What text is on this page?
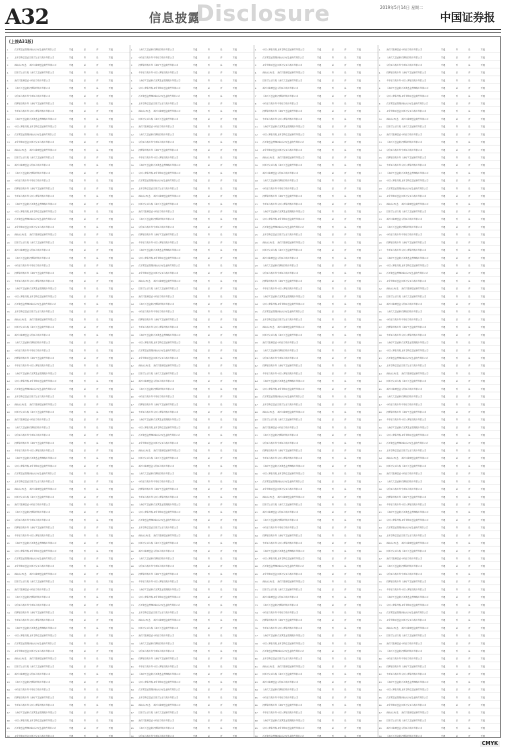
A32	信息披露
Disclosure	2019年5月14日 星期二
中国证券报
(上接A31版)
1	汇添富基金管理 蚂蚁(杭州)基金销售有限公司	开通	是	否	开通
2	北京肯特瑞基金 国泰君安证券股份有限公司	开通	否	是	开通
3	蚂蚁(杭州)基	浙江同花顺基金销售有限公司	开通	是	否	开通
4	国泰君安证券股 上海天天基金销售有限公司	开通	否	是	开通
5	浙江同花顺基金 中信证券股份有限公司	开通	是	否	开通
6	上海天天基金销 招商银行股份有限公司	开通	否	是	开通
7	中信证券股份有 华泰证券股份有限公司	开通	是	否	开通
8	招商银行股份有 上海好买基金销售有限公司	开通	否	是	开通
9	华泰证券股份有 中国工商银行股份有限公司	开通	是	否	开通
10	上海好买基金销 汇添富基金管理股份有限公司	开通	否	是	开通
11	中国工商银行股 北京肯特瑞基金销售有限公司	开通	是	否	开通
12	汇添富基金管理 蚂蚁(杭州)基金销售有限公司	开通	否	是	开通
13	北京肯特瑞基金 国泰君安证券股份有限公司	开通	是	否	开通
14	蚂蚁(杭州)基	浙江同花顺基金销售有限公司	开通	否	是	开通
15	国泰君安证券股 上海天天基金销售有限公司	开通	是	否	开通
16	浙江同花顺基金 中信证券股份有限公司	开通	否	是	开通
17	上海天天基金销 招商银行股份有限公司	开通	是	否	开通
18	中信证券股份有 华泰证券股份有限公司	开通	否	是	开通
19	招商银行股份有 上海好买基金销售有限公司	开通	是	否	开通
20	华泰证券股份有 中国工商银行股份有限公司	开通	否	是	开通
21	上海好买基金销 汇添富基金管理股份有限公司	开通	是	否	开通
22	中国工商银行股 北京肯特瑞基金销售有限公司	开通	否	是	开通
23	汇添富基金管理 蚂蚁(杭州)基金销售有限公司	开通	是	否	开通
24	北京肯特瑞基金 国泰君安证券股份有限公司	开通	否	是	开通
25	蚂蚁(杭州)基	浙江同花顺基金销售有限公司	开通	是	否	开通
26	国泰君安证券股 上海天天基金销售有限公司	开通	否	是	开通
27	浙江同花顺基金 中信证券股份有限公司	开通	是	否	开通
28	上海天天基金销 招商银行股份有限公司	开通	否	是	开通
29	中信证券股份有 华泰证券股份有限公司	开通	是	否	开通
30	招商银行股份有 上海好买基金销售有限公司	开通	否	是	开通
31	华泰证券股份有 中国工商银行股份有限公司	开通	是	否	开通
32	上海好买基金销 汇添富基金管理股份有限公司	开通	否	是	开通
33	中国工商银行股 北京肯特瑞基金销售有限公司	开通	是	否	开通
34	汇添富基金管理 蚂蚁(杭州)基金销售有限公司	开通	否	是	开通
35	北京肯特瑞基金 国泰君安证券股份有限公司	开通	是	否	开通
36	蚂蚁(杭州)基	浙江同花顺基金销售有限公司	开通	否	是	开通
37	国泰君安证券股 上海天天基金销售有限公司	开通	是	否	开通
38	浙江同花顺基金 中信证券股份有限公司	开通	否	是	开通
39	上海天天基金销 招商银行股份有限公司	开通	是	否	开通
40	中信证券股份有 华泰证券股份有限公司	开通	否	是	开通
41	招商银行股份有 上海好买基金销售有限公司	开通	是	否	开通
42	华泰证券股份有 中国工商银行股份有限公司	开通	否	是	开通
43	上海好买基金销 汇添富基金管理股份有限公司	开通	是	否	开通
44	中国工商银行股 北京肯特瑞基金销售有限公司	开通	否	是	开通
45	汇添富基金管理 蚂蚁(杭州)基金销售有限公司	开通	是	否	开通
46	北京肯特瑞基金 国泰君安证券股份有限公司	开通	否	是	开通
47	蚂蚁(杭州)基	浙江同花顺基金销售有限公司	开通	是	否	开通
48	国泰君安证券股 上海天天基金销售有限公司	开通	否	是	开通
49	浙江同花顺基金 中信证券股份有限公司	开通	是	否	开通
50	上海天天基金销 招商银行股份有限公司	开通	否	是	开通
51	中信证券股份有 华泰证券股份有限公司	开通	是	否	开通
52	招商银行股份有 上海好买基金销售有限公司	开通	否	是	开通
53	华泰证券股份有 中国工商银行股份有限公司	开通	是	否	开通
54	上海好买基金销 汇添富基金管理股份有限公司	开通	否	是	开通
55	中国工商银行股 北京肯特瑞基金销售有限公司	开通	是	否	开通
56	汇添富基金管理 蚂蚁(杭州)基金销售有限公司	开通	否	是	开通
57	北京肯特瑞基金 国泰君安证券股份有限公司	开通	是	否	开通
58	蚂蚁(杭州)基	浙江同花顺基金销售有限公司	开通	否	是	开通
59	国泰君安证券股 上海天天基金销售有限公司	开通	是	否	开通
60	浙江同花顺基金 中信证券股份有限公司	开通	否	是	开通
61	上海天天基金销 招商银行股份有限公司	开通	是	否	开通
62	中信证券股份有 华泰证券股份有限公司	开通	否	是	开通
63	招商银行股份有 上海好买基金销售有限公司	开通	是	否	开通
64	华泰证券股份有 中国工商银行股份有限公司	开通	否	是	开通
65	上海好买基金销 汇添富基金管理股份有限公司	开通	是	否	开通
66	中国工商银行股 北京肯特瑞基金销售有限公司	开通	否	是	开通
67	汇添富基金管理 蚂蚁(杭州)基金销售有限公司	开通	是	否	开通
68	北京肯特瑞基金 国泰君安证券股份有限公司	开通	否	是	开通
69	蚂蚁(杭州)基	浙江同花顺基金销售有限公司	开通	是	否	开通
70	国泰君安证券股 上海天天基金销售有限公司	开通	否	是	开通
71	浙江同花顺基金 中信证券股份有限公司	开通	是	否	开通
72	上海天天基金销 招商银行股份有限公司	开通	否	是	开通
73	中信证券股份有 华泰证券股份有限公司	开通	是	否	开通
74	招商银行股份有 上海好买基金销售有限公司	开通	否	是	开通
75	华泰证券股份有 中国工商银行股份有限公司	开通	是	否	开通
76	上海好买基金销 汇添富基金管理股份有限公司	开通	否	是	开通
77	中国工商银行股 北京肯特瑞基金销售有限公司	开通	是	否	开通
78	汇添富基金管理 蚂蚁(杭州)基金销售有限公司	开通	否	是	开通
79	北京肯特瑞基金 国泰君安证券股份有限公司	开通	是	否	开通
80	蚂蚁(杭州)基	浙江同花顺基金销售有限公司	开通	否	是	开通
81	国泰君安证券股 上海天天基金销售有限公司	开通	是	否	开通
82	浙江同花顺基金 中信证券股份有限公司	开通	否	是	开通
83	上海天天基金销 招商银行股份有限公司	开通	是	否	开通
84	中信证券股份有 华泰证券股份有限公司	开通	否	是	开通
85	招商银行股份有 上海好买基金销售有限公司	开通	是	否	开通
86	华泰证券股份有 中国工商银行股份有限公司	开通	否	是	开通
87	上海好买基金销 汇添富基金管理股份有限公司	开通	是	否	开通
88	中国工商银行股 北京肯特瑞基金销售有限公司	开通	否	是	开通
89	汇添富基金管理 蚂蚁(杭州)基金销售有限公司	开通	是	否	开通
90	北京肯特瑞基金 国泰君安证券股份有限公司	开通	否	是	开通
1	上海天天基金销 招商银行股份有限公司	开通	否	是	开通
2	中信证券股份有 华泰证券股份有限公司	开通	是	否	开通
3	招商银行股份有 上海好买基金销售有限公司	开通	否	是	开通
4	华泰证券股份有 中国工商银行股份有限公司	开通	是	否	开通
5	上海好买基金销 汇添富基金管理股份有限公司	开通	否	是	开通
6	中国工商银行股 北京肯特瑞基金销售有限公司	开通	是	否	开通
7	汇添富基金管理 蚂蚁(杭州)基金销售有限公司	开通	否	是	开通
8	北京肯特瑞基金 国泰君安证券股份有限公司	开通	是	否	开通
9	蚂蚁(杭州)基	浙江同花顺基金销售有限公司	开通	否	是	开通
10	国泰君安证券股 上海天天基金销售有限公司	开通	是	否	开通
11	浙江同花顺基金 中信证券股份有限公司	开通	否	是	开通
12	上海天天基金销 招商银行股份有限公司	开通	是	否	开通
13	中信证券股份有 华泰证券股份有限公司	开通	否	是	开通
14	招商银行股份有 上海好买基金销售有限公司	开通	是	否	开通
15	华泰证券股份有 中国工商银行股份有限公司	开通	否	是	开通
16	上海好买基金销 汇添富基金管理股份有限公司	开通	是	否	开通
17	中国工商银行股 北京肯特瑞基金销售有限公司	开通	否	是	开通
18	汇添富基金管理 蚂蚁(杭州)基金销售有限公司	开通	是	否	开通
19	北京肯特瑞基金 国泰君安证券股份有限公司	开通	否	是	开通
20	蚂蚁(杭州)基	浙江同花顺基金销售有限公司	开通	是	否	开通
21	国泰君安证券股 上海天天基金销售有限公司	开通	否	是	开通
22	浙江同花顺基金 中信证券股份有限公司	开通	是	否	开通
23	上海天天基金销 招商银行股份有限公司	开通	否	是	开通
24	中信证券股份有 华泰证券股份有限公司	开通	是	否	开通
25	招商银行股份有 上海好买基金销售有限公司	开通	否	是	开通
26	华泰证券股份有 中国工商银行股份有限公司	开通	是	否	开通
27	上海好买基金销 汇添富基金管理股份有限公司	开通	否	是	开通
28	中国工商银行股 北京肯特瑞基金销售有限公司	开通	是	否	开通
29	汇添富基金管理 蚂蚁(杭州)基金销售有限公司	开通	否	是	开通
30	北京肯特瑞基金 国泰君安证券股份有限公司	开通	是	否	开通
31	蚂蚁(杭州)基	浙江同花顺基金销售有限公司	开通	否	是	开通
32	国泰君安证券股 上海天天基金销售有限公司	开通	是	否	开通
33	浙江同花顺基金 中信证券股份有限公司	开通	否	是	开通
34	上海天天基金销 招商银行股份有限公司	开通	是	否	开通
35	中信证券股份有 华泰证券股份有限公司	开通	否	是	开通
36	招商银行股份有 上海好买基金销售有限公司	开通	是	否	开通
37	华泰证券股份有 中国工商银行股份有限公司	开通	否	是	开通
38	上海好买基金销 汇添富基金管理股份有限公司	开通	是	否	开通
39	中国工商银行股 北京肯特瑞基金销售有限公司	开通	否	是	开通
40	汇添富基金管理 蚂蚁(杭州)基金销售有限公司	开通	是	否	开通
41	北京肯特瑞基金 国泰君安证券股份有限公司	开通	否	是	开通
42	蚂蚁(杭州)基	浙江同花顺基金销售有限公司	开通	是	否	开通
43	国泰君安证券股 上海天天基金销售有限公司	开通	否	是	开通
44	浙江同花顺基金 中信证券股份有限公司	开通	是	否	开通
45	上海天天基金销 招商银行股份有限公司	开通	否	是	开通
46	中信证券股份有 华泰证券股份有限公司	开通	是	否	开通
47	招商银行股份有 上海好买基金销售有限公司	开通	否	是	开通
48	华泰证券股份有 中国工商银行股份有限公司	开通	是	否	开通
49	上海好买基金销 汇添富基金管理股份有限公司	开通	否	是	开通
50	中国工商银行股 北京肯特瑞基金销售有限公司	开通	是	否	开通
51	汇添富基金管理 蚂蚁(杭州)基金销售有限公司	开通	否	是	开通
52	北京肯特瑞基金 国泰君安证券股份有限公司	开通	是	否	开通
53	蚂蚁(杭州)基	浙江同花顺基金销售有限公司	开通	否	是	开通
54	国泰君安证券股 上海天天基金销售有限公司	开通	是	否	开通
55	浙江同花顺基金 中信证券股份有限公司	开通	否	是	开通
56	上海天天基金销 招商银行股份有限公司	开通	是	否	开通
57	中信证券股份有 华泰证券股份有限公司	开通	否	是	开通
58	招商银行股份有 上海好买基金销售有限公司	开通	是	否	开通
59	华泰证券股份有 中国工商银行股份有限公司	开通	否	是	开通
60	上海好买基金销 汇添富基金管理股份有限公司	开通	是	否	开通
61	中国工商银行股 北京肯特瑞基金销售有限公司	开通	否	是	开通
62	汇添富基金管理 蚂蚁(杭州)基金销售有限公司	开通	是	否	开通
63	北京肯特瑞基金 国泰君安证券股份有限公司	开通	否	是	开通
64	蚂蚁(杭州)基	浙江同花顺基金销售有限公司	开通	是	否	开通
65	国泰君安证券股 上海天天基金销售有限公司	开通	否	是	开通
66	浙江同花顺基金 中信证券股份有限公司	开通	是	否	开通
67	上海天天基金销 招商银行股份有限公司	开通	否	是	开通
68	中信证券股份有 华泰证券股份有限公司	开通	是	否	开通
69	招商银行股份有 上海好买基金销售有限公司	开通	否	是	开通
70	华泰证券股份有 中国工商银行股份有限公司	开通	是	否	开通
71	上海好买基金销 汇添富基金管理股份有限公司	开通	否	是	开通
72	中国工商银行股 北京肯特瑞基金销售有限公司	开通	是	否	开通
73	汇添富基金管理 蚂蚁(杭州)基金销售有限公司	开通	否	是	开通
74	北京肯特瑞基金 国泰君安证券股份有限公司	开通	是	否	开通
75	蚂蚁(杭州)基	浙江同花顺基金销售有限公司	开通	否	是	开通
76	国泰君安证券股 上海天天基金销售有限公司	开通	是	否	开通
77	浙江同花顺基金 中信证券股份有限公司	开通	否	是	开通
78	上海天天基金销 招商银行股份有限公司	开通	是	否	开通
79	中信证券股份有 华泰证券股份有限公司	开通	否	是	开通
80	招商银行股份有 上海好买基金销售有限公司	开通	是	否	开通
81	华泰证券股份有 中国工商银行股份有限公司	开通	否	是	开通
82	上海好买基金销 汇添富基金管理股份有限公司	开通	是	否	开通
83	中国工商银行股 北京肯特瑞基金销售有限公司	开通	否	是	开通
84	汇添富基金管理 蚂蚁(杭州)基金销售有限公司	开通	是	否	开通
85	北京肯特瑞基金 国泰君安证券股份有限公司	开通	否	是	开通
86	蚂蚁(杭州)基	浙江同花顺基金销售有限公司	开通	是	否	开通
87	国泰君安证券股 上海天天基金销售有限公司	开通	否	是	开通
88	浙江同花顺基金 中信证券股份有限公司	开通	是	否	开通
89	上海天天基金销 招商银行股份有限公司	开通	否	是	开通
90	中信证券股份有 华泰证券股份有限公司	开通	是	否	开通
1	中国工商银行股 北京肯特瑞基金销售有限公司	开通	是	否	开通
2	汇添富基金管理 蚂蚁(杭州)基金销售有限公司	开通	否	是	开通
3	北京肯特瑞基金 国泰君安证券股份有限公司	开通	是	否	开通
4	蚂蚁(杭州)基	浙江同花顺基金销售有限公司	开通	否	是	开通
5	国泰君安证券股 上海天天基金销售有限公司	开通	是	否	开通
6	浙江同花顺基金 中信证券股份有限公司	开通	否	是	开通
7	上海天天基金销 招商银行股份有限公司	开通	是	否	开通
8	中信证券股份有 华泰证券股份有限公司	开通	否	是	开通
9	招商银行股份有 上海好买基金销售有限公司	开通	是	否	开通
10	华泰证券股份有 中国工商银行股份有限公司	开通	否	是	开通
11	上海好买基金销 汇添富基金管理股份有限公司	开通	是	否	开通
12	中国工商银行股 北京肯特瑞基金销售有限公司	开通	否	是	开通
13	汇添富基金管理 蚂蚁(杭州)基金销售有限公司	开通	是	否	开通
14	北京肯特瑞基金 国泰君安证券股份有限公司	开通	否	是	开通
15	蚂蚁(杭州)基	浙江同花顺基金销售有限公司	开通	是	否	开通
16	国泰君安证券股 上海天天基金销售有限公司	开通	否	是	开通
17	浙江同花顺基金 中信证券股份有限公司	开通	是	否	开通
18	上海天天基金销 招商银行股份有限公司	开通	否	是	开通
19	中信证券股份有 华泰证券股份有限公司	开通	是	否	开通
20	招商银行股份有 上海好买基金销售有限公司	开通	否	是	开通
21	华泰证券股份有 中国工商银行股份有限公司	开通	是	否	开通
22	上海好买基金销 汇添富基金管理股份有限公司	开通	否	是	开通
23	中国工商银行股 北京肯特瑞基金销售有限公司	开通	是	否	开通
24	汇添富基金管理 蚂蚁(杭州)基金销售有限公司	开通	否	是	开通
25	北京肯特瑞基金 国泰君安证券股份有限公司	开通	是	否	开通
26	蚂蚁(杭州)基	浙江同花顺基金销售有限公司	开通	否	是	开通
27	国泰君安证券股 上海天天基金销售有限公司	开通	是	否	开通
28	浙江同花顺基金 中信证券股份有限公司	开通	否	是	开通
29	上海天天基金销 招商银行股份有限公司	开通	是	否	开通
30	中信证券股份有 华泰证券股份有限公司	开通	否	是	开通
31	招商银行股份有 上海好买基金销售有限公司	开通	是	否	开通
32	华泰证券股份有 中国工商银行股份有限公司	开通	否	是	开通
33	上海好买基金销 汇添富基金管理股份有限公司	开通	是	否	开通
34	中国工商银行股 北京肯特瑞基金销售有限公司	开通	否	是	开通
35	汇添富基金管理 蚂蚁(杭州)基金销售有限公司	开通	是	否	开通
36	北京肯特瑞基金 国泰君安证券股份有限公司	开通	否	是	开通
37	蚂蚁(杭州)基	浙江同花顺基金销售有限公司	开通	是	否	开通
38	国泰君安证券股 上海天天基金销售有限公司	开通	否	是	开通
39	浙江同花顺基金 中信证券股份有限公司	开通	是	否	开通
40	上海天天基金销 招商银行股份有限公司	开通	否	是	开通
41	中信证券股份有 华泰证券股份有限公司	开通	是	否	开通
42	招商银行股份有 上海好买基金销售有限公司	开通	否	是	开通
43	华泰证券股份有 中国工商银行股份有限公司	开通	是	否	开通
44	上海好买基金销 汇添富基金管理股份有限公司	开通	否	是	开通
45	中国工商银行股 北京肯特瑞基金销售有限公司	开通	是	否	开通
46	汇添富基金管理 蚂蚁(杭州)基金销售有限公司	开通	否	是	开通
47	北京肯特瑞基金 国泰君安证券股份有限公司	开通	是	否	开通
48	蚂蚁(杭州)基	浙江同花顺基金销售有限公司	开通	否	是	开通
49	国泰君安证券股 上海天天基金销售有限公司	开通	是	否	开通
50	浙江同花顺基金 中信证券股份有限公司	开通	否	是	开通
51	上海天天基金销 招商银行股份有限公司	开通	是	否	开通
52	中信证券股份有 华泰证券股份有限公司	开通	否	是	开通
53	招商银行股份有 上海好买基金销售有限公司	开通	是	否	开通
54	华泰证券股份有 中国工商银行股份有限公司	开通	否	是	开通
55	上海好买基金销 汇添富基金管理股份有限公司	开通	是	否	开通
56	中国工商银行股 北京肯特瑞基金销售有限公司	开通	否	是	开通
57	汇添富基金管理 蚂蚁(杭州)基金销售有限公司	开通	是	否	开通
58	北京肯特瑞基金 国泰君安证券股份有限公司	开通	否	是	开通
59	蚂蚁(杭州)基	浙江同花顺基金销售有限公司	开通	是	否	开通
60	国泰君安证券股 上海天天基金销售有限公司	开通	否	是	开通
61	浙江同花顺基金 中信证券股份有限公司	开通	是	否	开通
62	上海天天基金销 招商银行股份有限公司	开通	否	是	开通
63	中信证券股份有 华泰证券股份有限公司	开通	是	否	开通
64	招商银行股份有 上海好买基金销售有限公司	开通	否	是	开通
65	华泰证券股份有 中国工商银行股份有限公司	开通	是	否	开通
66	上海好买基金销 汇添富基金管理股份有限公司	开通	否	是	开通
67	中国工商银行股 北京肯特瑞基金销售有限公司	开通	是	否	开通
68	汇添富基金管理 蚂蚁(杭州)基金销售有限公司	开通	否	是	开通
69	北京肯特瑞基金 国泰君安证券股份有限公司	开通	是	否	开通
70	蚂蚁(杭州)基	浙江同花顺基金销售有限公司	开通	否	是	开通
71	国泰君安证券股 上海天天基金销售有限公司	开通	是	否	开通
72	浙江同花顺基金 中信证券股份有限公司	开通	否	是	开通
73	上海天天基金销 招商银行股份有限公司	开通	是	否	开通
74	中信证券股份有 华泰证券股份有限公司	开通	否	是	开通
75	招商银行股份有 上海好买基金销售有限公司	开通	是	否	开通
76	华泰证券股份有 中国工商银行股份有限公司	开通	否	是	开通
77	上海好买基金销 汇添富基金管理股份有限公司	开通	是	否	开通
78	中国工商银行股 北京肯特瑞基金销售有限公司	开通	否	是	开通
79	汇添富基金管理 蚂蚁(杭州)基金销售有限公司	开通	是	否	开通
80	北京肯特瑞基金 国泰君安证券股份有限公司	开通	否	是	开通
81	蚂蚁(杭州)基	浙江同花顺基金销售有限公司	开通	是	否	开通
82	国泰君安证券股 上海天天基金销售有限公司	开通	否	是	开通
83	浙江同花顺基金 中信证券股份有限公司	开通	是	否	开通
84	上海天天基金销 招商银行股份有限公司	开通	否	是	开通
85	中信证券股份有 华泰证券股份有限公司	开通	是	否	开通
86	招商银行股份有 上海好买基金销售有限公司	开通	否	是	开通
87	华泰证券股份有 中国工商银行股份有限公司	开通	是	否	开通
88	上海好买基金销 汇添富基金管理股份有限公司	开通	否	是	开通
89	中国工商银行股 北京肯特瑞基金销售有限公司	开通	是	否	开通
90	汇添富基金管理 蚂蚁(杭州)基金销售有限公司	开通	否	是	开通
1	浙江同花顺基金 中信证券股份有限公司	开通	否	是	开通
2	上海天天基金销 招商银行股份有限公司	开通	是	否	开通
3	中信证券股份有 华泰证券股份有限公司	开通	否	是	开通
4	招商银行股份有 上海好买基金销售有限公司	开通	是	否	开通
5	华泰证券股份有 中国工商银行股份有限公司	开通	否	是	开通
6	上海好买基金销 汇添富基金管理股份有限公司	开通	是	否	开通
7	中国工商银行股 北京肯特瑞基金销售有限公司	开通	否	是	开通
8	汇添富基金管理 蚂蚁(杭州)基金销售有限公司	开通	是	否	开通
9	北京肯特瑞基金 国泰君安证券股份有限公司	开通	否	是	开通
10	蚂蚁(杭州)基	浙江同花顺基金销售有限公司	开通	是	否	开通
11	国泰君安证券股 上海天天基金销售有限公司	开通	否	是	开通
12	浙江同花顺基金 中信证券股份有限公司	开通	是	否	开通
13	上海天天基金销 招商银行股份有限公司	开通	否	是	开通
14	中信证券股份有 华泰证券股份有限公司	开通	是	否	开通
15	招商银行股份有 上海好买基金销售有限公司	开通	否	是	开通
16	华泰证券股份有 中国工商银行股份有限公司	开通	是	否	开通
17	上海好买基金销 汇添富基金管理股份有限公司	开通	否	是	开通
18	中国工商银行股 北京肯特瑞基金销售有限公司	开通	是	否	开通
19	汇添富基金管理 蚂蚁(杭州)基金销售有限公司	开通	否	是	开通
20	北京肯特瑞基金 国泰君安证券股份有限公司	开通	是	否	开通
21	蚂蚁(杭州)基	浙江同花顺基金销售有限公司	开通	否	是	开通
22	国泰君安证券股 上海天天基金销售有限公司	开通	是	否	开通
23	浙江同花顺基金 中信证券股份有限公司	开通	否	是	开通
24	上海天天基金销 招商银行股份有限公司	开通	是	否	开通
25	中信证券股份有 华泰证券股份有限公司	开通	否	是	开通
26	招商银行股份有 上海好买基金销售有限公司	开通	是	否	开通
27	华泰证券股份有 中国工商银行股份有限公司	开通	否	是	开通
28	上海好买基金销 汇添富基金管理股份有限公司	开通	是	否	开通
29	中国工商银行股 北京肯特瑞基金销售有限公司	开通	否	是	开通
30	汇添富基金管理 蚂蚁(杭州)基金销售有限公司	开通	是	否	开通
31	北京肯特瑞基金 国泰君安证券股份有限公司	开通	否	是	开通
32	蚂蚁(杭州)基	浙江同花顺基金销售有限公司	开通	是	否	开通
33	国泰君安证券股 上海天天基金销售有限公司	开通	否	是	开通
34	浙江同花顺基金 中信证券股份有限公司	开通	是	否	开通
35	上海天天基金销 招商银行股份有限公司	开通	否	是	开通
36	中信证券股份有 华泰证券股份有限公司	开通	是	否	开通
37	招商银行股份有 上海好买基金销售有限公司	开通	否	是	开通
38	华泰证券股份有 中国工商银行股份有限公司	开通	是	否	开通
39	上海好买基金销 汇添富基金管理股份有限公司	开通	否	是	开通
40	中国工商银行股 北京肯特瑞基金销售有限公司	开通	是	否	开通
41	汇添富基金管理 蚂蚁(杭州)基金销售有限公司	开通	否	是	开通
42	北京肯特瑞基金 国泰君安证券股份有限公司	开通	是	否	开通
43	蚂蚁(杭州)基	浙江同花顺基金销售有限公司	开通	否	是	开通
44	国泰君安证券股 上海天天基金销售有限公司	开通	是	否	开通
45	浙江同花顺基金 中信证券股份有限公司	开通	否	是	开通
46	上海天天基金销 招商银行股份有限公司	开通	是	否	开通
47	中信证券股份有 华泰证券股份有限公司	开通	否	是	开通
48	招商银行股份有 上海好买基金销售有限公司	开通	是	否	开通
49	华泰证券股份有 中国工商银行股份有限公司	开通	否	是	开通
50	上海好买基金销 汇添富基金管理股份有限公司	开通	是	否	开通
51	中国工商银行股 北京肯特瑞基金销售有限公司	开通	否	是	开通
52	汇添富基金管理 蚂蚁(杭州)基金销售有限公司	开通	是	否	开通
53	北京肯特瑞基金 国泰君安证券股份有限公司	开通	否	是	开通
54	蚂蚁(杭州)基	浙江同花顺基金销售有限公司	开通	是	否	开通
55	国泰君安证券股 上海天天基金销售有限公司	开通	否	是	开通
56	浙江同花顺基金 中信证券股份有限公司	开通	是	否	开通
57	上海天天基金销 招商银行股份有限公司	开通	否	是	开通
58	中信证券股份有 华泰证券股份有限公司	开通	是	否	开通
59	招商银行股份有 上海好买基金销售有限公司	开通	否	是	开通
60	华泰证券股份有 中国工商银行股份有限公司	开通	是	否	开通
61	上海好买基金销 汇添富基金管理股份有限公司	开通	否	是	开通
62	中国工商银行股 北京肯特瑞基金销售有限公司	开通	是	否	开通
63	汇添富基金管理 蚂蚁(杭州)基金销售有限公司	开通	否	是	开通
64	北京肯特瑞基金 国泰君安证券股份有限公司	开通	是	否	开通
65	蚂蚁(杭州)基	浙江同花顺基金销售有限公司	开通	否	是	开通
66	国泰君安证券股 上海天天基金销售有限公司	开通	是	否	开通
67	浙江同花顺基金 中信证券股份有限公司	开通	否	是	开通
68	上海天天基金销 招商银行股份有限公司	开通	是	否	开通
69	中信证券股份有 华泰证券股份有限公司	开通	否	是	开通
70	招商银行股份有 上海好买基金销售有限公司	开通	是	否	开通
71	华泰证券股份有 中国工商银行股份有限公司	开通	否	是	开通
72	上海好买基金销 汇添富基金管理股份有限公司	开通	是	否	开通
73	中国工商银行股 北京肯特瑞基金销售有限公司	开通	否	是	开通
74	汇添富基金管理 蚂蚁(杭州)基金销售有限公司	开通	是	否	开通
75	北京肯特瑞基金 国泰君安证券股份有限公司	开通	否	是	开通
76	蚂蚁(杭州)基	浙江同花顺基金销售有限公司	开通	是	否	开通
77	国泰君安证券股 上海天天基金销售有限公司	开通	否	是	开通
78	浙江同花顺基金 中信证券股份有限公司	开通	是	否	开通
79	上海天天基金销 招商银行股份有限公司	开通	否	是	开通
80	中信证券股份有 华泰证券股份有限公司	开通	是	否	开通
81	招商银行股份有 上海好买基金销售有限公司	开通	否	是	开通
82	华泰证券股份有 中国工商银行股份有限公司	开通	是	否	开通
83	上海好买基金销 汇添富基金管理股份有限公司	开通	否	是	开通
84	中国工商银行股 北京肯特瑞基金销售有限公司	开通	是	否	开通
85	汇添富基金管理 蚂蚁(杭州)基金销售有限公司	开通	否	是	开通
86	北京肯特瑞基金 国泰君安证券股份有限公司	开通	是	否	开通
87	蚂蚁(杭州)基	浙江同花顺基金销售有限公司	开通	否	是	开通
88	国泰君安证券股 上海天天基金销售有限公司	开通	是	否	开通
89	浙江同花顺基金 中信证券股份有限公司	开通	否	是	开通
90	上海天天基金销 招商银行股份有限公司	开通	是	否	开通
CMYK
